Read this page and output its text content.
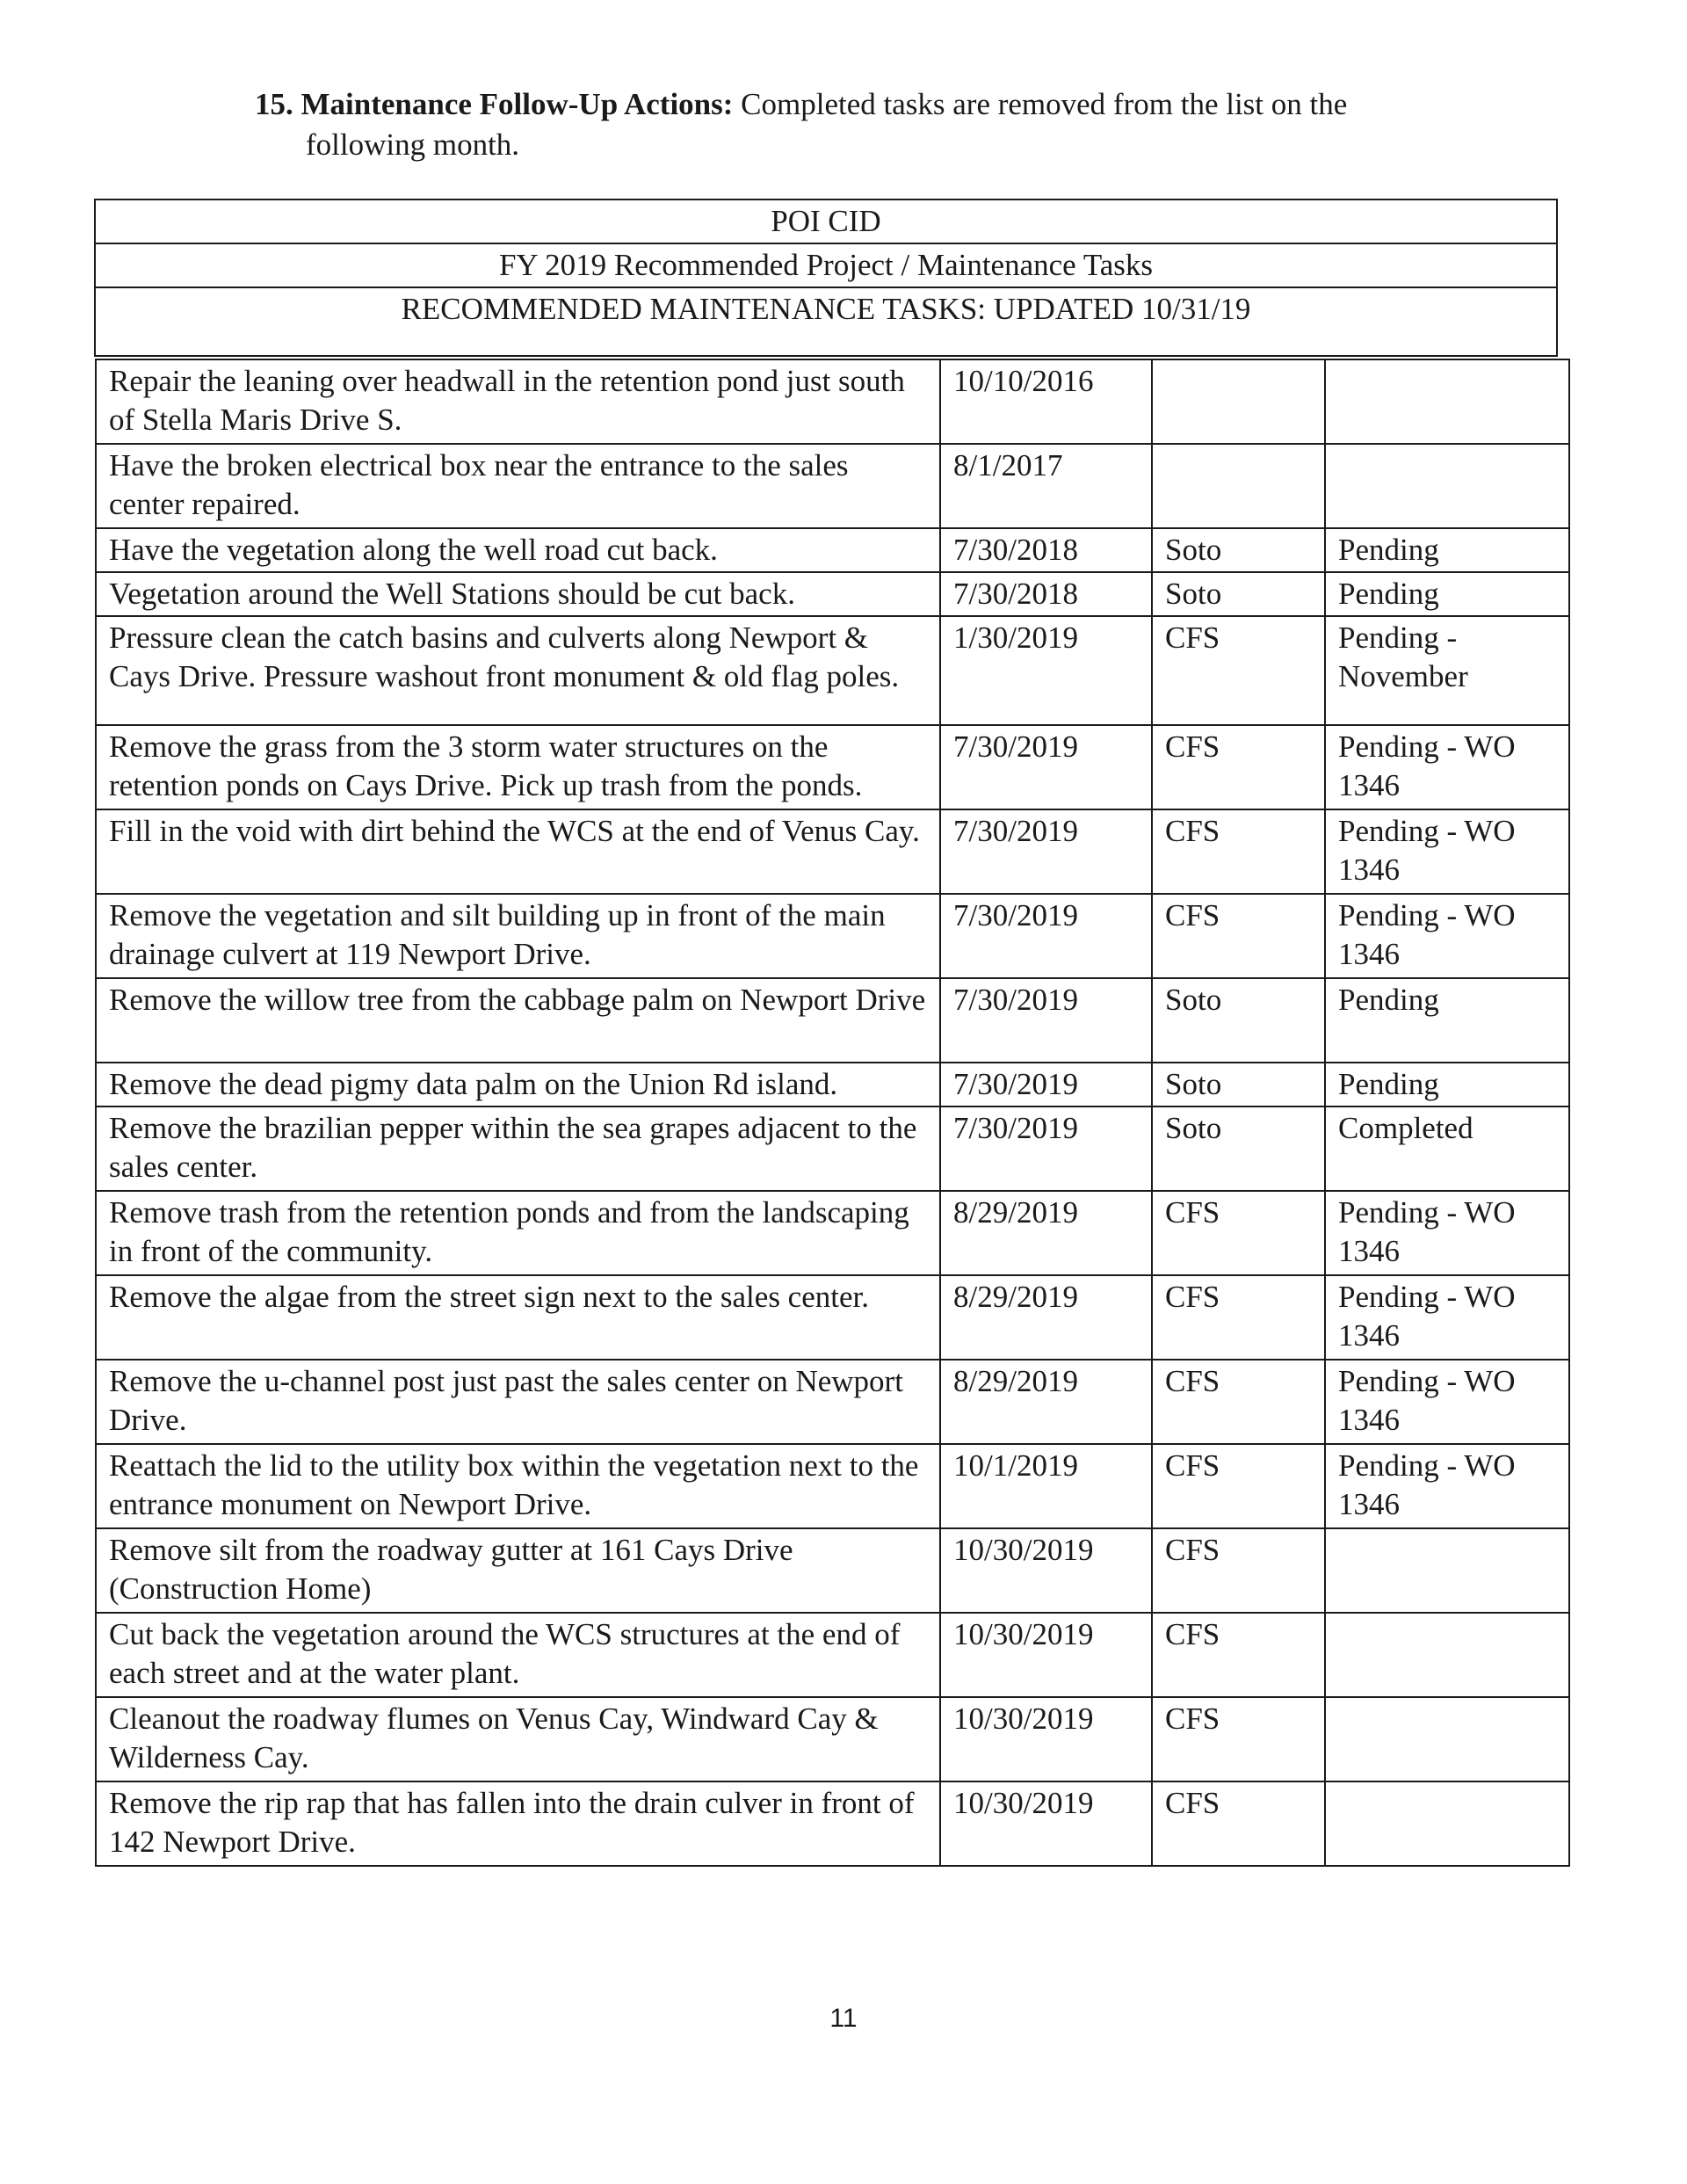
15. Maintenance Follow-Up Actions: Completed tasks are removed from the list on the
following month.
POI CID
FY 2019 Recommended Project / Maintenance Tasks
RECOMMENDED MAINTENANCE TASKS: UPDATED 10/31/19
Repair the leaning over headwall in the retention pond just south of Stella Maris Drive S.	10/10/2016		
Have the broken electrical box near the entrance to the sales center repaired.	8/1/2017		
Have the vegetation along the well road cut back.	7/30/2018	Soto	Pending
Vegetation around the Well Stations should be cut back.	7/30/2018	Soto	Pending
Pressure clean the catch basins and culverts along Newport & Cays Drive. Pressure washout front monument & old flag poles.	1/30/2019	CFS	Pending - November
Remove the grass from the 3 storm water structures on the retention ponds on Cays Drive. Pick up trash from the ponds.	7/30/2019	CFS	Pending - WO 1346
Fill in the void with dirt behind the WCS at the end of Venus Cay.	7/30/2019	CFS	Pending - WO 1346
Remove the vegetation and silt building up in front of the main drainage culvert at 119 Newport Drive.	7/30/2019	CFS	Pending - WO 1346
Remove the willow tree from the cabbage palm on Newport Drive	7/30/2019	Soto	Pending
Remove the dead pigmy data palm on the Union Rd island.	7/30/2019	Soto	Pending
Remove the brazilian pepper within the sea grapes adjacent to the sales center.	7/30/2019	Soto	Completed
Remove trash from the retention ponds and from the landscaping in front of the community.	8/29/2019	CFS	Pending - WO 1346
Remove the algae from the street sign next to the sales center.	8/29/2019	CFS	Pending - WO 1346
Remove the u-channel post just past the sales center on Newport Drive.	8/29/2019	CFS	Pending - WO 1346
Reattach the lid to the utility box within the vegetation next to the entrance monument on Newport Drive.	10/1/2019	CFS	Pending - WO 1346
Remove silt from the roadway gutter at 161 Cays Drive (Construction Home)	10/30/2019	CFS	
Cut back the vegetation around the WCS structures at the end of each street and at the water plant.	10/30/2019	CFS	
Cleanout the roadway flumes on Venus Cay, Windward Cay & Wilderness Cay.	10/30/2019	CFS	
Remove the rip rap that has fallen into the drain culver in front of 142 Newport Drive.	10/30/2019	CFS	
11
